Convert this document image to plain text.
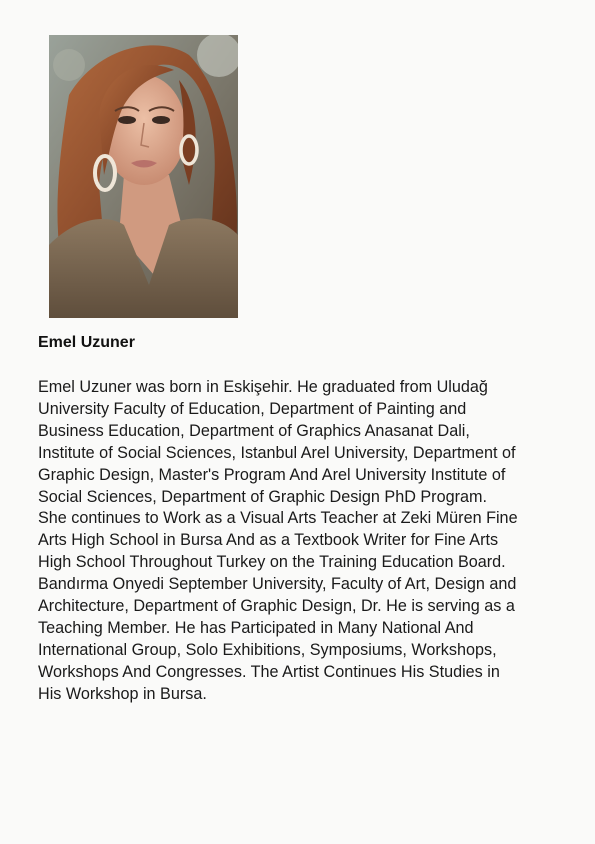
Emel Uzuner

Emel Uzuner was born in Eskişehir. He graduated from Uludağ
University Faculty of Education, Department of Painting and
Business Education, Department of Graphics Anasanat Dali,
Institute of Social Sciences, Istanbul Arel University, Department of
Graphic Design, Master's Program And Arel University Institute of
Social Sciences, Department of Graphic Design PhD Program.
She continues to Work as a Visual Arts Teacher at Zeki Müren Fine
Arts High School in Bursa And as a Textbook Writer for Fine Arts
High School Throughout Turkey on the Training Education Board.
Bandırma Onyedi September University, Faculty of Art, Design and
Architecture, Department of Graphic Design, Dr. He is serving as a
Teaching Member. He has Participated in Many National And
International Group, Solo Exhibitions, Symposiums, Workshops,
Workshops And Congresses. The Artist Continues His Studies in
His Workshop in Bursa.
